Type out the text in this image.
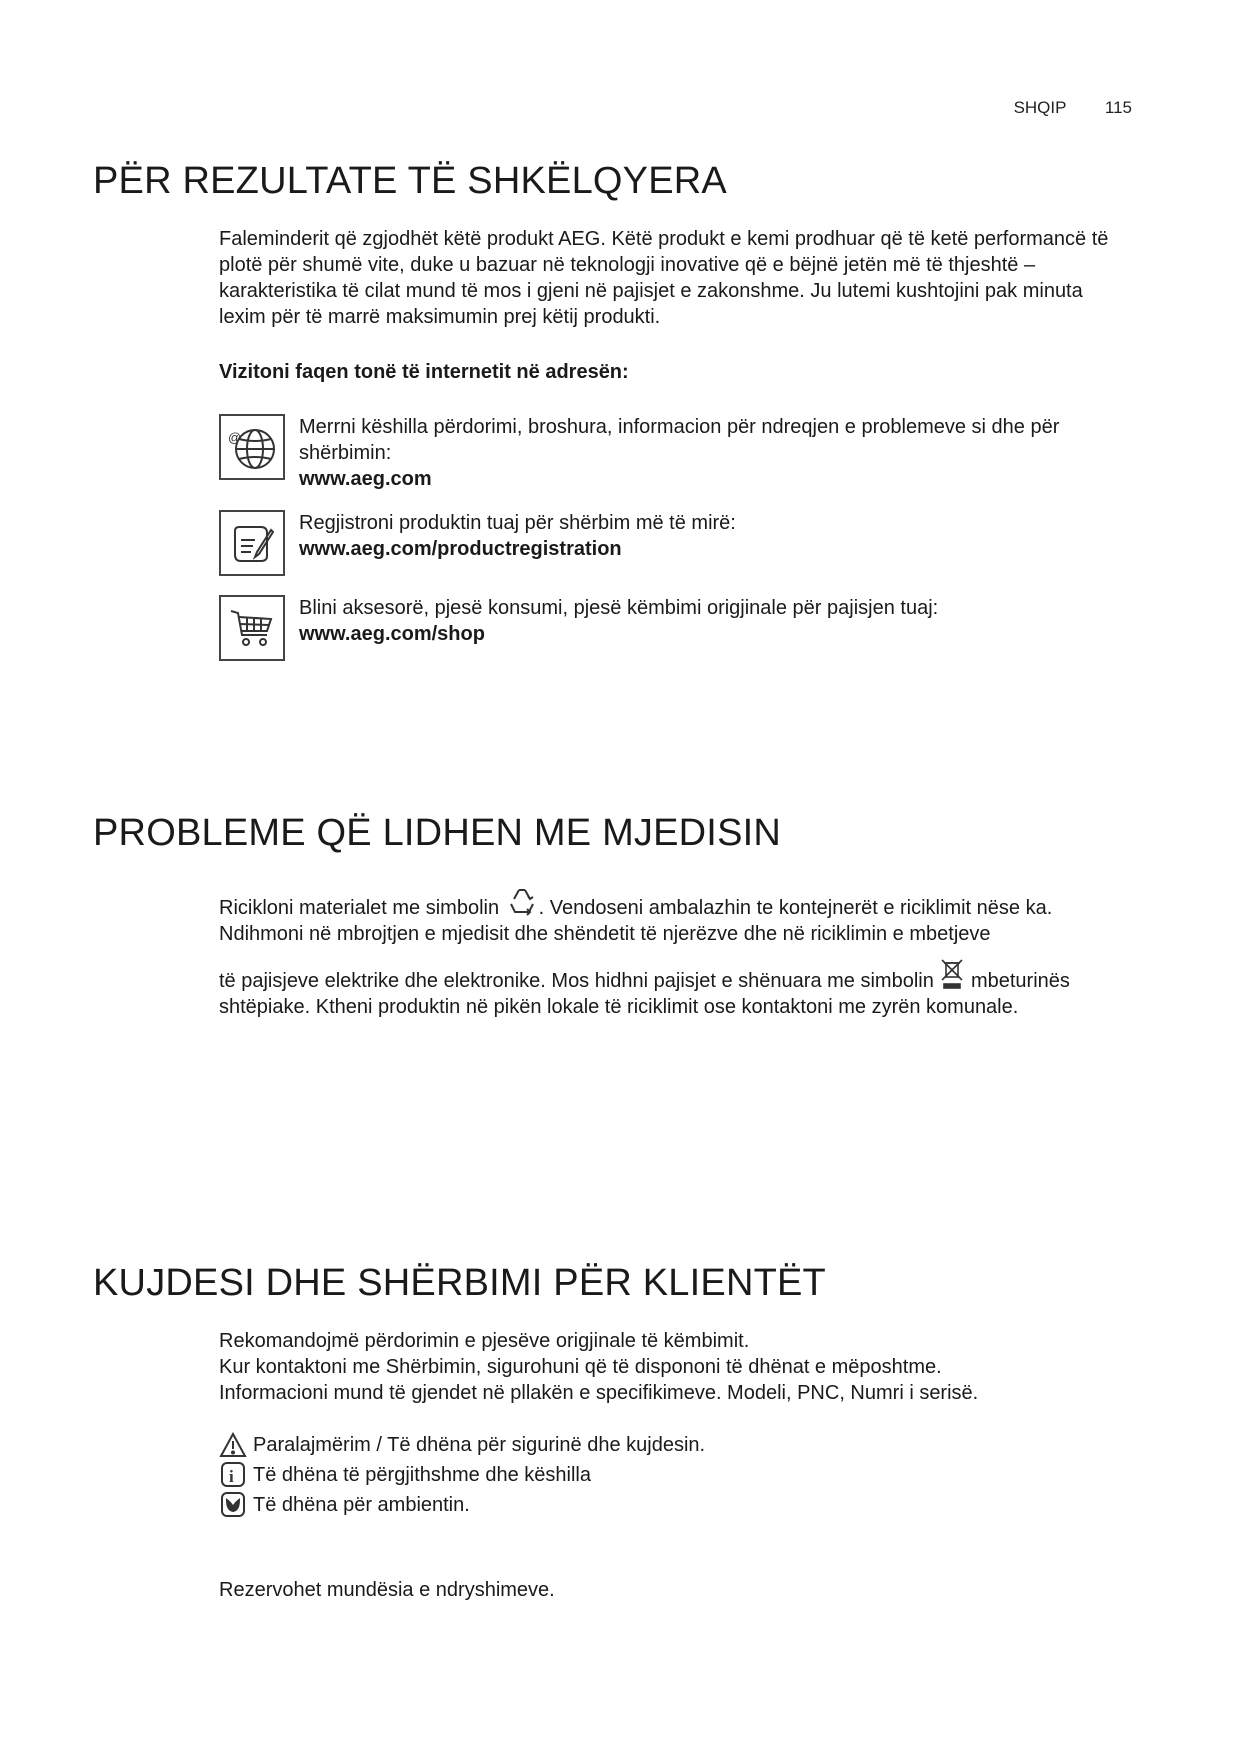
SHQIP 115
PËR REZULTATE TË SHKËLQYERA

Faleminderit që zgjodhët këtë produkt AEG. Këtë produkt e kemi prodhuar që të ketë performancë të plotë për shumë vite, duke u bazuar në teknologji inovative që e bëjnë jetën më të thjeshtë – karakteristika të cilat mund të mos i gjeni në pajisjet e zakonshme. Ju lutemi kushtojini pak minuta lexim për të marrë maksimumin prej këtij produkti.

Vizitoni faqen tonë të internetit në adresën:

@	Merrni këshilla përdorimi, broshura, informacion për ndreqjen e problemeve si dhe për shërbimin:
www.aeg.com
Regjistroni produktin tuaj për shërbim më të mirë:
www.aeg.com/productregistration
Blini aksesorë, pjesë konsumi, pjesë këmbimi origjinale për pajisjen tuaj:
www.aeg.com/shop
PROBLEME QË LIDHEN ME MJEDISIN

Ricikloni materialet me simbolin . Vendoseni ambalazhin te kontejnerët e riciklimit nëse ka.

Ndihmoni në mbrojtjen e mjedisit dhe shëndetit të njerëzve dhe në riciklimin e mbetjeve

të pajisjeve elektrike dhe elektronike. Mos hidhni pajisjet e shënuara me simbolin mbeturinës shtëpiake. Ktheni produktin në pikën lokale të riciklimit ose kontaktoni me zyrën komunale.

KUJDESI DHE SHËRBIMI PËR KLIENTËT

Rekomandojmë përdorimin e pjesëve origjinale të këmbimit.

Kur kontaktoni me Shërbimin, sigurohuni që të dispononi të dhënat e mëposhtme.

Informacioni mund të gjendet në pllakën e specifikimeve. Modeli, PNC, Numri i serisë.

Paralajmërim / Të dhëna për sigurinë dhe kujdesin.
i Të dhëna të përgjithshme dhe këshilla
Të dhëna për ambientin.

Rezervohet mundësia e ndryshimeve.
